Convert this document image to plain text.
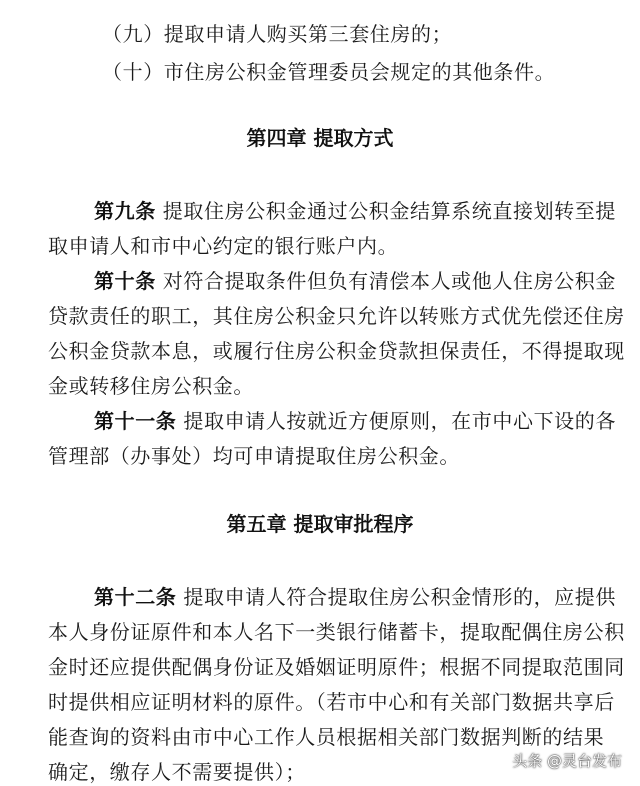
（九）提取申请人购买第三套住房的；
（十）市住房公积金管理委员会规定的其他条件。
第四章 提取方式
第九条 提取住房公积金通过公积金结算系统直接划转至提
取申请人和市中心约定的银行账户内。
第十条 对符合提取条件但负有清偿本人或他人住房公积金
贷款责任的职工，其住房公积金只允许以转账方式优先偿还住房
公积金贷款本息，或履行住房公积金贷款担保责任，不得提取现
金或转移住房公积金。
第十一条 提取申请人按就近方便原则，在市中心下设的各
管理部（办事处）均可申请提取住房公积金。
第五章 提取审批程序
第十二条 提取申请人符合提取住房公积金情形的，应提供
本人身份证原件和本人名下一类银行储蓄卡，提取配偶住房公积
金时还应提供配偶身份证及婚姻证明原件；根据不同提取范围同
时提供相应证明材料的原件。（若市中心和有关部门数据共享后
能查询的资料由市中心工作人员根据相关部门数据判断的结果
确定，缴存人不需要提供）；	头条 @灵台发布
